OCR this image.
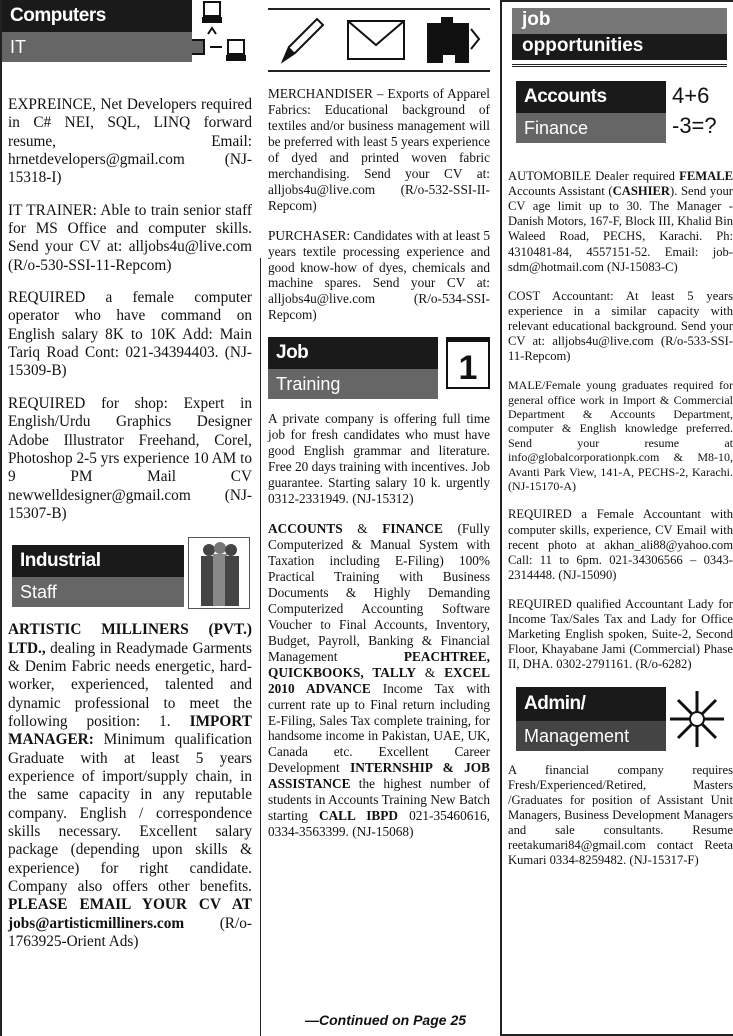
Computers
IT

EXPREINCE, Net Developers required in C# NEI, SQL, LINQ forward resume, Email: hrnetdevelopers@gmail.com (NJ-15318-I)

IT TRAINER: Able to train senior staff for MS Office and computer skills. Send your CV at: alljobs4u@live.com (R/o-530-SSI-11-Repcom)

REQUIRED a female computer operator who have command on English salary 8K to 10K Add: Main Tariq Road Cont: 021-34394403. (NJ-15309-B)

REQUIRED for shop: Expert in English/Urdu Graphics Designer Adobe Illustrator Freehand, Corel, Photoshop 2-5 yrs experience 10 AM to 9 PM Mail CV newwelldesigner@gmail.com (NJ-15307-B)

Industrial
Staff

ARTISTIC MILLINERS (PVT.) LTD., dealing in Readymade Garments & Denim Fabric needs energetic, hard-worker, experienced, talented and dynamic professional to meet the following position: 1. IMPORT MANAGER: Minimum qualification Graduate with at least 5 years experience of import/supply chain, in the same capacity in any reputable company. English / correspondence skills necessary. Excellent salary package (depending upon skills & experience) for right candidate. Company also offers other benefits. PLEASE EMAIL YOUR CV AT jobs@artisticmilliners.com (R/o-1763925-Orient Ads)

MERCHANDISER – Exports of Apparel Fabrics: Educational background of textiles and/or business management will be preferred with least 5 years experience of dyed and printed woven fabric merchandising. Send your CV at: alljobs4u@live.com (R/o-532-SSI-II-Repcom)

PURCHASER: Candidates with at least 5 years textile processing experience and good know-how of dyes, chemicals and machine spares. Send your CV at: alljobs4u@live.com (R/o-534-SSI-Repcom)

Job
Training	1

A private company is offering full time job for fresh candidates who must have good English grammar and literature. Free 20 days training with incentives. Job guarantee. Starting salary 10 k. urgently 0312-2331949. (NJ-15312)

ACCOUNTS & FINANCE (Fully Computerized & Manual System with Taxation including E-Filing) 100% Practical Training with Business Documents & Highly Demanding Computerized Accounting Software Voucher to Final Accounts, Inventory, Budget, Payroll, Banking & Financial Management PEACHTREE, QUICKBOOKS, TALLY & EXCEL 2010 ADVANCE Income Tax with current rate up to Final return including E-Filing, Sales Tax complete training, for handsome income in Pakistan, UAE, UK, Canada etc. Excellent Career Development INTERNSHIP & JOB ASSISTANCE the highest number of students in Accounts Training New Batch starting CALL IBPD 021-35460616, 0334-3563399. (NJ-15068)

—Continued on Page 25
job
opportunities
Accounts
Finance
4+6
-3=?

AUTOMOBILE Dealer required FEMALE Accounts Assistant (CASHIER). Send your CV age limit up to 30. The Manager - Danish Motors, 167-F, Block III, Khalid Bin Waleed Road, PECHS, Karachi. Ph: 4310481-84, 4557151-52. Email: job-sdm@hotmail.com (NJ-15083-C)

COST Accountant: At least 5 years experience in a similar capacity with relevant educational background. Send your CV at: alljobs4u@live.com (R/o-533-SSI-11-Repcom)

MALE/Female young graduates required for general office work in Import & Commercial Department & Accounts Department, computer & English knowledge preferred. Send your resume at info@globalcorporationpk.com & M8-10, Avanti Park View, 141-A, PECHS-2, Karachi. (NJ-15170-A)

REQUIRED a Female Accountant with computer skills, experience, CV Email with recent photo at akhan_ali88@yahoo.com Call: 11 to 6pm. 021-34306566 – 0343-2314448. (NJ-15090)

REQUIRED qualified Accountant Lady for Income Tax/Sales Tax and Lady for Office Marketing English spoken, Suite-2, Second Floor, Khayabane Jami (Commercial) Phase II, DHA. 0302-2791161. (R/o-6282)

Admin/
Management

A financial company requires Fresh/Experienced/Retired, Masters /Graduates for position of Assistant Unit Managers, Business Development Managers and sale consultants. Resume reetakumari84@gmail.com contact Reeta Kumari 0334-8259482. (NJ-15317-F)
